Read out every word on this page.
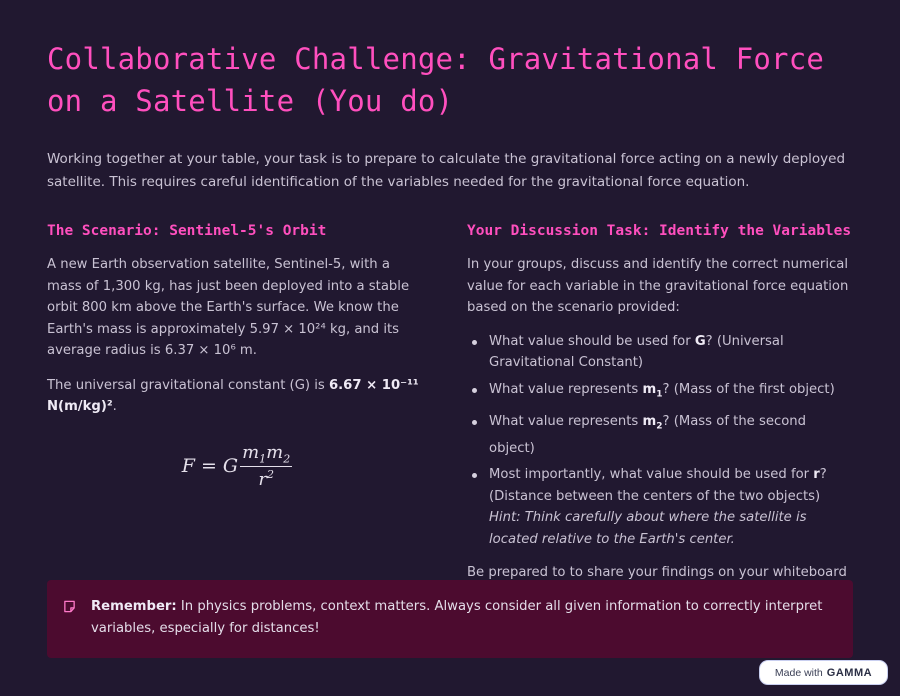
Collaborative Challenge: Gravitational Force on a Satellite (You do)

Working together at your table, your task is to prepare to calculate the gravitational force acting on a newly deployed satellite. This requires careful identification of the variables needed for the gravitational force equation.

The Scenario: Sentinel-5's Orbit

A new Earth observation satellite, Sentinel-5, with a mass of 1,300 kg, has just been deployed into a stable orbit 800 km above the Earth's surface. We know the Earth's mass is approximately 5.97 × 10²⁴ kg, and its average radius is 6.37 × 10⁶ m.

The universal gravitational constant (G) is 6.67 × 10⁻¹¹ N(m/kg)².

F = G $\frac{m_1m_2}{r^2}$
Your Discussion Task: Identify the Variables

In your groups, discuss and identify the correct numerical value for each variable in the gravitational force equation based on the scenario provided:

What value should be used for G? (Universal Gravitational Constant)
What value represents $m_1$? (Mass of the first object)
What value represents $m_2$? (Mass of the second object)
Most importantly, what value should be used for r? (Distance between the centers of the two objects)
Hint: Think carefully about where the satellite is located relative to the Earth's center.

Be prepared to to share your findings on your whiteboard

Remember: In physics problems, context matters. Always consider all given information to correctly interpret variables, especially for distances!

Made with GAMMA
